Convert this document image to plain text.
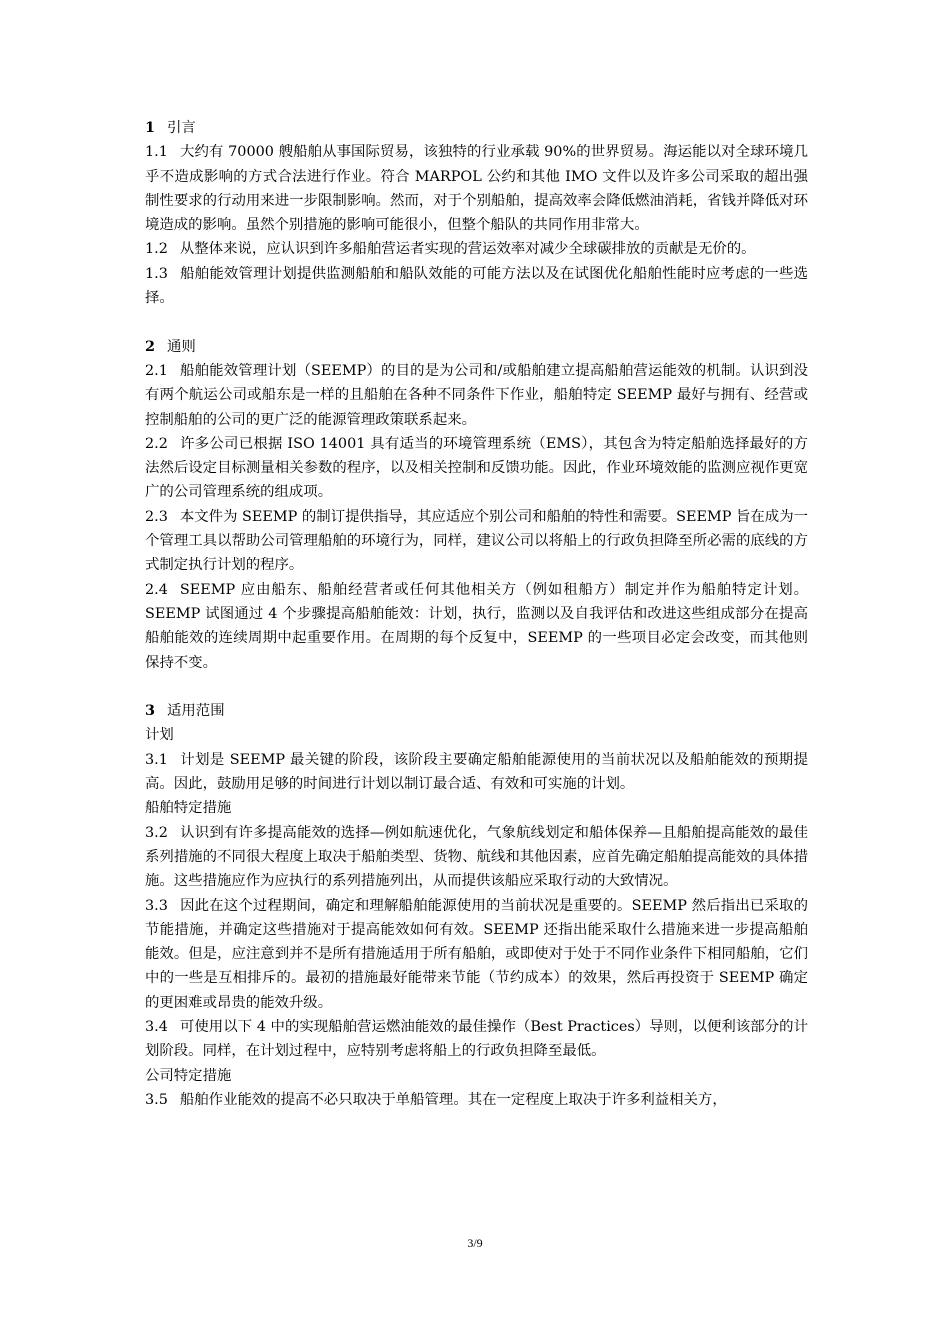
1 引言

1.1 大约有 70000 艘船舶从事国际贸易，该独特的行业承载 90%的世界贸易。海运能以对全球环境几乎不造成影响的方式合法进行作业。符合 MARPOL 公约和其他 IMO 文件以及许多公司采取的超出强制性要求的行动用来进一步限制影响。然而，对于个别船舶，提高效率会降低燃油消耗，省钱并降低对环境造成的影响。虽然个别措施的影响可能很小，但整个船队的共同作用非常大。

1.2 从整体来说，应认识到许多船舶营运者实现的营运效率对减少全球碳排放的贡献是无价的。

1.3 船舶能效管理计划提供监测船舶和船队效能的可能方法以及在试图优化船舶性能时应考虑的一些选择。

2 通则

2.1 船舶能效管理计划（SEEMP）的目的是为公司和/或船舶建立提高船舶营运能效的机制。认识到没有两个航运公司或船东是一样的且船舶在各种不同条件下作业，船舶特定 SEEMP 最好与拥有、经营或控制船舶的公司的更广泛的能源管理政策联系起来。

2.2 许多公司已根据 ISO 14001 具有适当的环境管理系统（EMS），其包含为特定船舶选择最好的方法然后设定目标测量相关参数的程序，以及相关控制和反馈功能。因此，作业环境效能的监测应视作更宽广的公司管理系统的组成项。

2.3 本文件为 SEEMP 的制订提供指导，其应适应个别公司和船舶的特性和需要。SEEMP 旨在成为一个管理工具以帮助公司管理船舶的环境行为，同样，建议公司以将船上的行政负担降至所必需的底线的方式制定执行计划的程序。

2.4 SEEMP 应由船东、船舶经营者或任何其他相关方（例如租船方）制定并作为船舶特定计划。SEEMP 试图通过 4 个步骤提高船舶能效：计划，执行，监测以及自我评估和改进这些组成部分在提高船舶能效的连续周期中起重要作用。在周期的每个反复中，SEEMP 的一些项目必定会改变，而其他则保持不变。

3 适用范围

计划

3.1 计划是 SEEMP 最关键的阶段，该阶段主要确定船舶能源使用的当前状况以及船舶能效的预期提高。因此，鼓励用足够的时间进行计划以制订最合适、有效和可实施的计划。

船舶特定措施

3.2 认识到有许多提高能效的选择—例如航速优化，气象航线划定和船体保养—且船舶提高能效的最佳系列措施的不同很大程度上取决于船舶类型、货物、航线和其他因素，应首先确定船舶提高能效的具体措施。这些措施应作为应执行的系列措施列出，从而提供该船应采取行动的大致情况。

3.3 因此在这个过程期间，确定和理解船舶能源使用的当前状况是重要的。SEEMP 然后指出已采取的节能措施，并确定这些措施对于提高能效如何有效。SEEMP 还指出能采取什么措施来进一步提高船舶能效。但是，应注意到并不是所有措施适用于所有船舶，或即使对于处于不同作业条件下相同船舶，它们中的一些是互相排斥的。最初的措施最好能带来节能（节约成本）的效果，然后再投资于 SEEMP 确定的更困难或昂贵的能效升级。

3.4 可使用以下 4 中的实现船舶营运燃油能效的最佳操作（Best Practices）导则，以便利该部分的计划阶段。同样，在计划过程中，应特别考虑将船上的行政负担降至最低。

公司特定措施

3.5 船舶作业能效的提高不必只取决于单船管理。其在一定程度上取决于许多利益相关方，

3/9
